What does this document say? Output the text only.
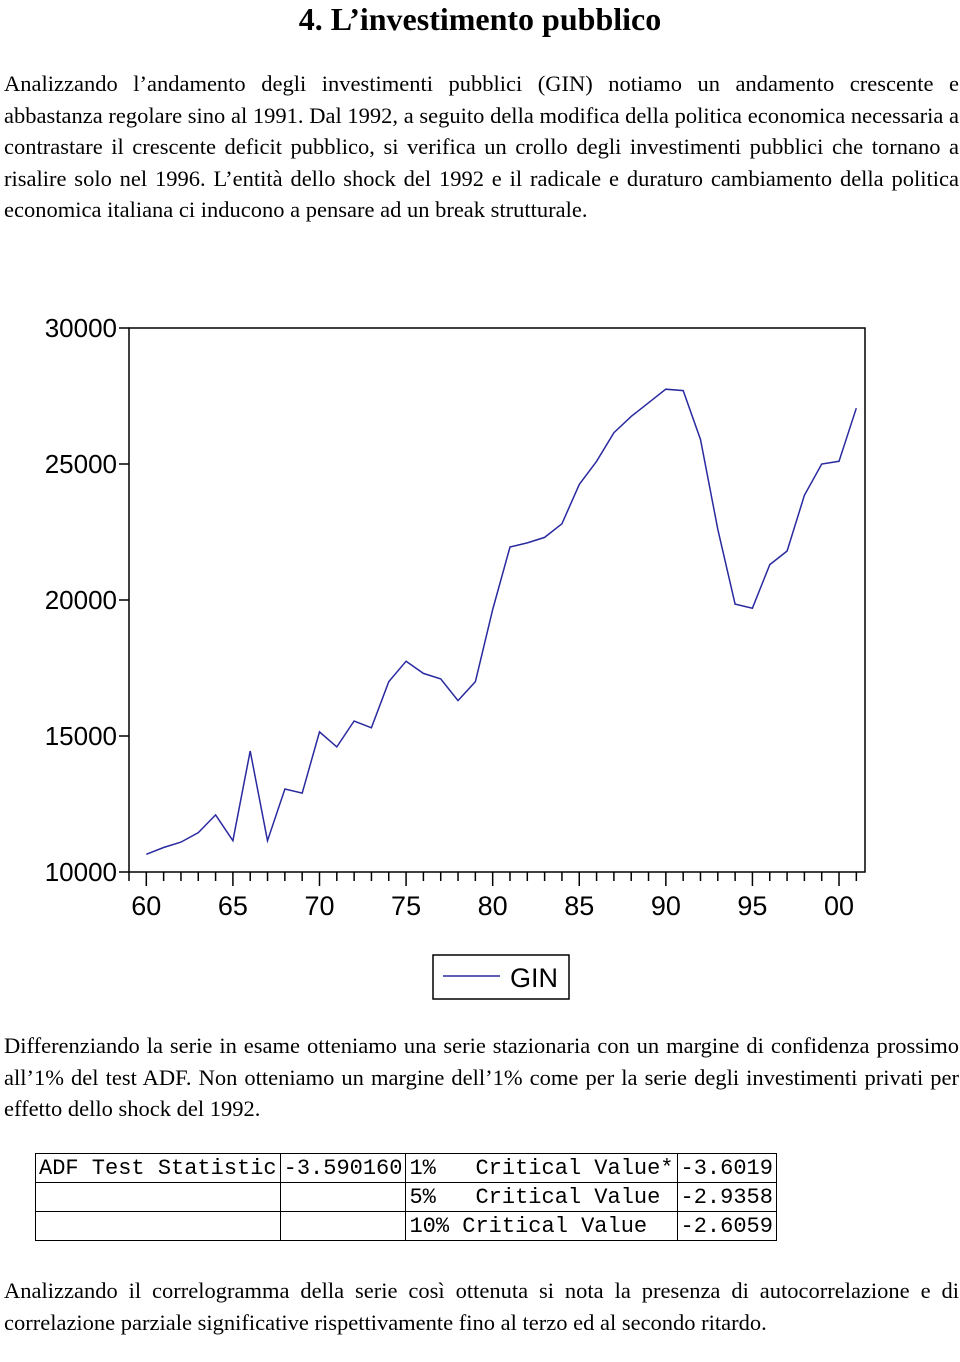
4. L’investimento pubblico

Analizzando l’andamento degli investimenti pubblici (GIN) notiamo un andamento crescente e abbastanza regolare sino al 1991. Dal 1992, a seguito della modifica della politica economica necessaria a contrastare il crescente deficit pubblico, si verifica un crollo degli investimenti pubblici che tornano a risalire solo nel 1996. L’entità dello shock del 1992 e il radicale e duraturo cambiamento della politica economica italiana ci inducono a pensare ad un break strutturale.

10000
15000
20000
25000
30000
60 65 70 75 80 85 90 95 00
GIN

Differenziando la serie in esame otteniamo una serie stazionaria con un margine di confidenza prossimo all’1% del test ADF. Non otteniamo un margine dell’1% come per la serie degli investimenti privati per effetto dello shock del 1992.

ADF Test Statistic	-3.590160	1%   Critical Value*	-3.6019
		5%   Critical Value	-2.9358
		10% Critical Value	-2.6059

Analizzando il correlogramma della serie così ottenuta si nota la presenza di autocorrelazione e di correlazione parziale significative rispettivamente fino al terzo ed al secondo ritardo.
